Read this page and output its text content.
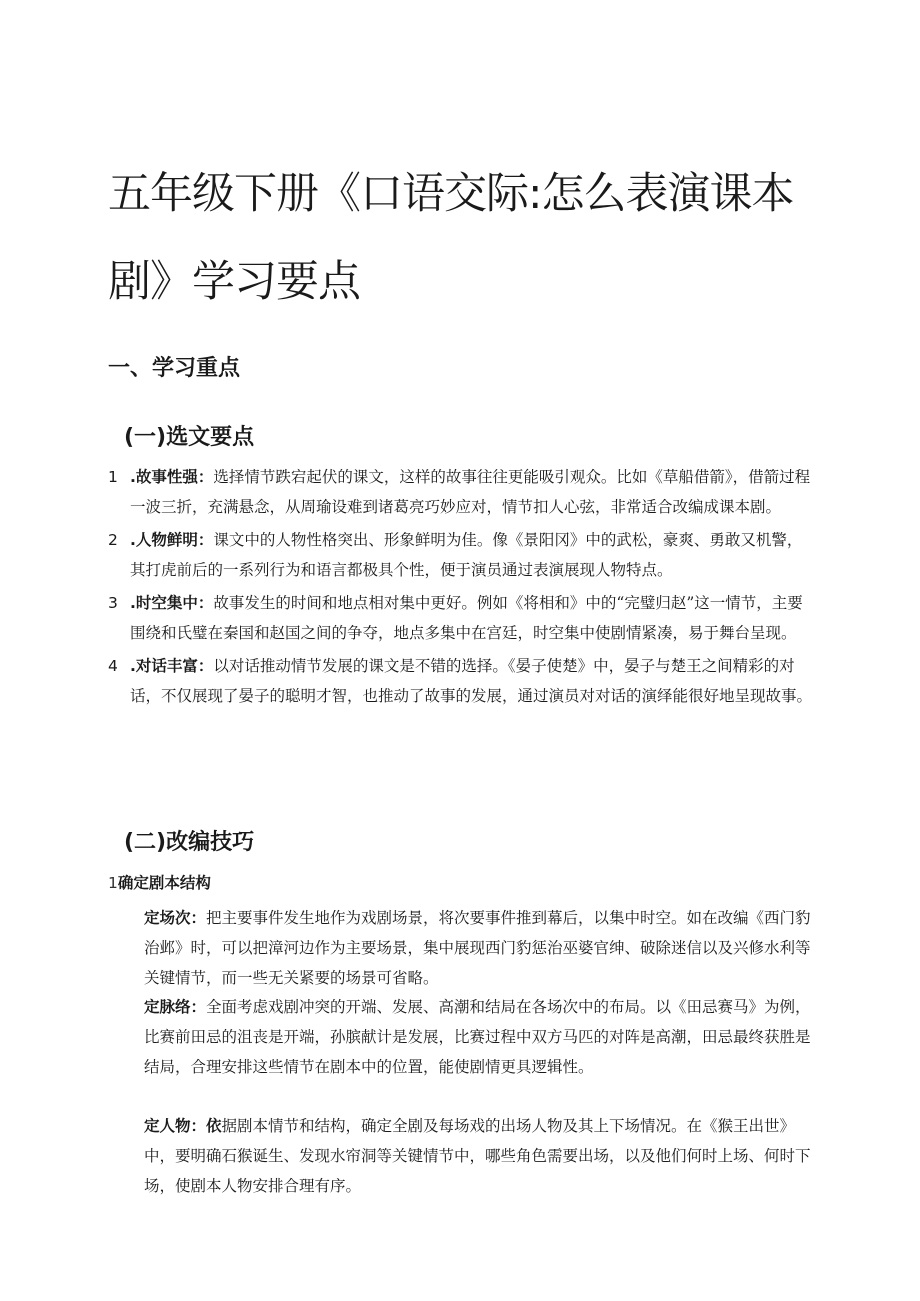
五年级下册《口语交际:怎么表演课本剧》学习要点
一、学习重点
(一)选文要点
1 .故事性强：选择情节跌宕起伏的课文，这样的故事往往更能吸引观众。比如《草船借箭》，借箭过程一波三折，充满悬念，从周瑜设难到诸葛亮巧妙应对，情节扣人心弦，非常适合改编成课本剧。
2 .人物鲜明：课文中的人物性格突出、形象鲜明为佳。像《景阳冈》中的武松，豪爽、勇敢又机警，其打虎前后的一系列行为和语言都极具个性，便于演员通过表演展现人物特点。
3 .时空集中：故事发生的时间和地点相对集中更好。例如《将相和》中的“完璧归赵”这一情节，主要围绕和氏璧在秦国和赵国之间的争夺，地点多集中在宫廷，时空集中使剧情紧凑，易于舞台呈现。
4 .对话丰富：以对话推动情节发展的课文是不错的选择。《晏子使楚》中，晏子与楚王之间精彩的对话，不仅展现了晏子的聪明才智，也推动了故事的发展，通过演员对对话的演绎能很好地呈现故事。
(二)改编技巧
1确定剧本结构

定场次：把主要事件发生地作为戏剧场景，将次要事件推到幕后，以集中时空。如在改编《西门豹治邺》时，可以把漳河边作为主要场景，集中展现西门豹惩治巫婆官绅、破除迷信以及兴修水利等关键情节，而一些无关紧要的场景可省略。

定脉络：全面考虑戏剧冲突的开端、发展、高潮和结局在各场次中的布局。以《田忌赛马》为例，比赛前田忌的沮丧是开端，孙膑献计是发展，比赛过程中双方马匹的对阵是高潮，田忌最终获胜是结局，合理安排这些情节在剧本中的位置，能使剧情更具逻辑性。

定人物：依据剧本情节和结构，确定全剧及每场戏的出场人物及其上下场情况。在《猴王出世》中，要明确石猴诞生、发现水帘洞等关键情节中，哪些角色需要出场，以及他们何时上场、何时下场，使剧本人物安排合理有序。
